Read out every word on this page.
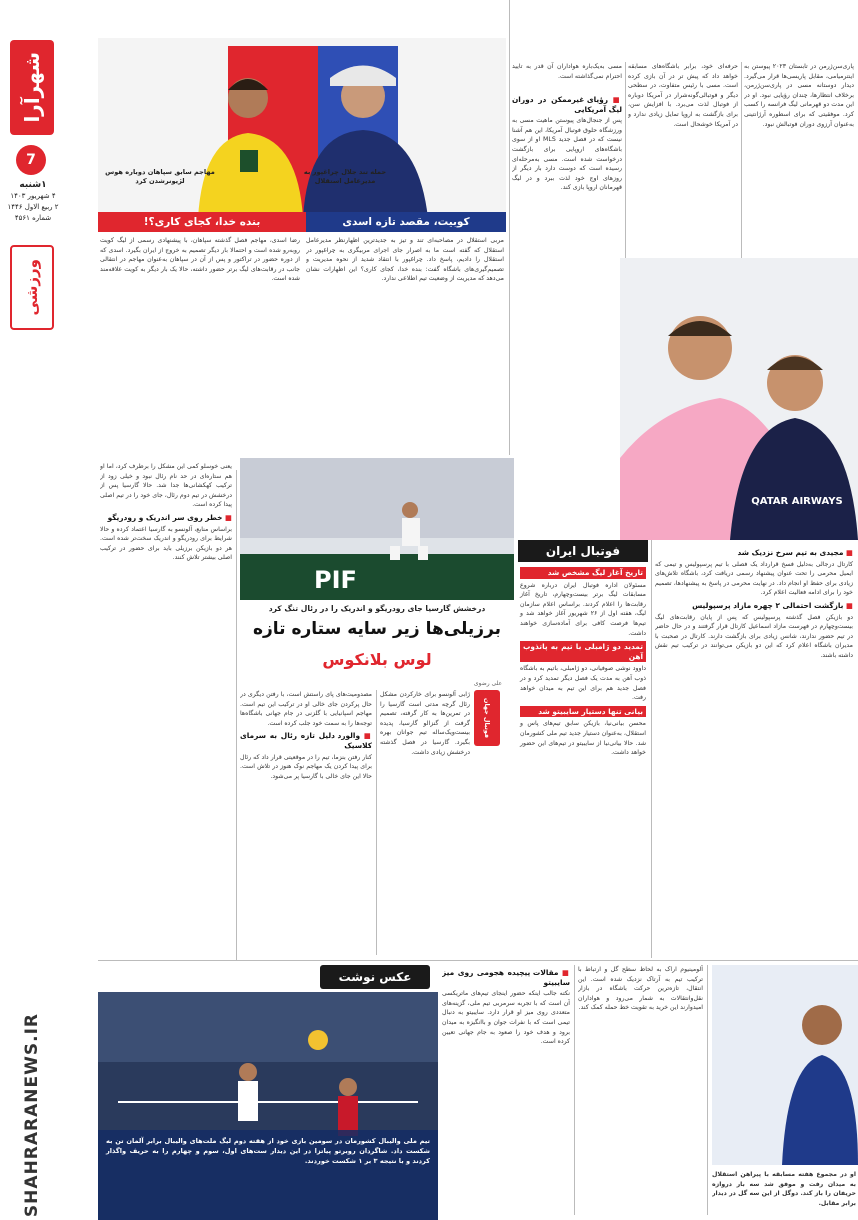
شهرآرا
7
۱شنبه
۴ شهریور ۱۴۰۳
۲ ربیع الاول ۱۴۴۶
شماره ۴۵۶۱
ورزشی
SHAHRARANEWS.IR
مهاجم سابق سپاهان دوباره هوس لژیونرشدن کرد
حمله تند جلال چراغپور به مدیرعامل استقلال
کوبیت، مقصد تازه اسدی
بنده خدا، کجای کاری؟!

رضا اسدی، مهاجم فصل گذشته سپاهان، با پیشنهادی رسمی از لیگ کویت روبه‌رو شده است و احتمالا بار دیگر تصمیم به خروج از ایران بگیرد. اسدی که از دوره حضور در تراکتور و پس از آن در سپاهان به‌عنوان مهاجم در انتقالی جانب در رقابت‌های لیگ برتر حضور داشته، حالا یک بار دیگر به کویت علاقه‌مند شده است.

مربی استقلال در مصاحبه‌ای تند و تیز به جدیدترین اظهارنظر مدیرعامل استقلال که گفته است ما به اصرار جای اجرای مربیگری به چراغپور در استقلال را دادیم، پاسخ داد. چراغپور با انتقاد شدید از نحوه مدیریت و تصمیم‌گیری‌های باشگاه گفت: بنده خدا، کجای کاری؟ این اظهارات نشان می‌دهد که مدیریت از وضعیت تیم اطلاعی ندارد.

مسی به‌یک‌باره هواداران آن قدر به تایید احترام نمی‌گذاشته است.

■ رؤیای غیرممکن در دوران لیگ آمریکایی

پس از جنجال‌های پیوستن ماهیت مسی به ورزشگاه حلوق فوتبال آمریکا، این هم آشنا نیست که در فصل جدید MLS او از سوی باشگاه‌های اروپایی برای بازگشت درخواست شده است. مسی به‌مرحله‌ای رسیده است که دوست دارد بار دیگر از روزهای اوج خود لذت ببرد و در لیگ قهرمانان اروپا بازی کند.

حرفه‌ای خود، برابر باشگاه‌های مسابقه خواهد داد که پیش تر در آن بازی کرده است. مسی با رئیس متفاوت، در سطحی دیگر و فوتبالی‌گونه‌شرار در آمریکا دوباره از فوتبال لذت می‌برد. با افزایش سن، برای بازگشت به اروپا تمایل زیادی ندارد و در آمریکا خوشحال است.

پاری‌سن‌ژرمن در تابستان ۲۰۲۳ پیوستن به اینترمیامی، مقابل پاریسی‌ها قرار می‌گیرد. دیدار دوستانه مسی در پاری‌سن‌ژرمن، برخلاف انتظارها، چندان رؤیایی نبود. او در این مدت دو قهرمانی لیگ فرانسه را کسب کرد. موفقیتی که برای اسطوره آرژانتینی به‌عنوان آرزوی دوران فوتبالش نبود.

QATAR AIRWAYS
PIF
فوتبال ایران
تاریخ آغاز لیگ مشخص شد

مسئولان اداره فوتبال ایران درباره شروع مسابقات لیگ برتر بیست‌وچهارم، تاریخ آغاز رقابت‌ها را اعلام کردند. براساس اعلام سازمان لیگ، هفته اول از ۲۶ شهریور آغاز خواهد شد و تیم‌ها فرصت کافی برای آماده‌سازی خواهند داشت.

تمدید دو ژامبلی با تیم به پاتذوب آهن

داوود نوشی صوفیانی، دو ژامبلی، باتیم به باشگاه ذوب آهن به مدت یک فصل دیگر تمدید کرد و در فصل جدید هم برای این تیم به میدان خواهد رفت.

بیانی تنها دستیار سایبیتو شد

محسن بیانی‌نیا، بازیکن سابق تیم‌های پاس و استقلال، به‌عنوان دستیار جدید تیم ملی کشورمان شد. حالا بیانی‌نیا از سایبیتو در تیم‌های این حضور خواهد داشت.

■ مجیدی به تیم سرخ نزدیک شد

کارتال درجالی به‌دلیل فسخ قرارداد یک فصلی با تیم پرسپولیس و تیمی که ایمیل محرمی را تحت عنوان پیشنهاد رسمی دریافت کرد، باشگاه تلاش‌های زیادی برای حفظ او انجام داد. در نهایت محرمی در پاسخ به پیشنهادها، تصمیم خود را برای ادامه فعالیت اعلام کرد.

■ بازگشت احتمالی ۲ چهره مازاد پرسپولیس

دو بازیکن فصل گذشته پرسپولیس که پس از پایان رقابت‌های لیگ بیست‌وچهارم در فهرست مازاد اسماعیل کارتال قرار گرفتند و در حال حاضر در تیم حضور ندارند، شانس زیادی برای بازگشت دارند. کارتال در صحبت با مدیران باشگاه اعلام کرد که این دو بازیکن می‌توانند در ترکیب تیم نقش داشته باشند.

درخشش گارسیا جای رودریگو و اندریک را در رئال تنگ کرد
برزیلی‌ها زیر سایه ستاره تازه
لوس بلانکوس
فوتبال جهان
علی رضوی

ژابی آلونسو برای خارکردن مشکل رئال گرچه مدتی است گارسیا را در تمرین‌ها به کار گرفته، تصمیم گرفت از گنزالو گارسیا، پدیده بیست‌ویک‌ساله تیم جوانان بهره بگیرد. گارسیا در فصل گذشته درخشش زیادی داشت.

مصدومیت‌های پای راستش است، با رفتن دیگری در حال پرکردن جای خالی او در ترکیب این تیم است. مهاجم اسپانیایی با گلزنی در جام جهانی باشگاه‌ها توجه‌ها را به سمت خود جلب کرده است.

■ والورد دلیل تازه رئال به سرمای کلاسیک

کنار رفتن بنزما، تیم را در موقعیتی قرار داد که رئال برای پیدا کردن یک مهاجم نوک هنوز در تلاش است. حالا این جای خالی با گارسیا پر می‌شود.

یعنی خوسلو کمی این مشکل را برطرف کرد، اما او هم ستاره‌ای در حد نام رئال نبود و خیلی زود از ترکیب کهکشانی‌ها جدا شد. حالا گارسیا پس از درخشش در تیم دوم رئال، جای خود را در تیم اصلی پیدا کرده است.

■ خطر روی سر اندریک و رودریگو

براساس منابع، آلونسو به گارسیا اعتماد کرده و حالا شرایط برای رودریگو و اندریک سخت‌تر شده است. هر دو بازیکن برزیلی باید برای حضور در ترکیب اصلی بیشتر تلاش کنند.

عکس نوشت
تیم ملی والیبال کشورمان در سومین بازی خود از هفته دوم لیگ ملت‌های والیبال برابر آلمان تن به شکست داد. شاگردان روبرتو پیاتزا در این دیدار ست‌های اول، سوم و چهارم را به حریف واگذار کردند و با نتیجه ۳ بر ۱ شکست خوردند.
■ مقالات پیچیده هجومی روی میز سایبیتو

نکته جالب اینکه حضور اینجای تیم‌های ماتریکسی آن است که با تجربه سرمربی تیم ملی، گزینه‌های متعددی روی میز او قرار دارد. سایبیتو به دنبال تیمی است که با نفرات جوان و باانگیزه به میدان برود و هدف خود را صعود به جام جهانی تعیین کرده است.

آلومینیوم اراک به لحاظ سطح گل و ارتباط با ترکیب تیم به آرتاک نزدیک شده است. این انتقال، تازه‌ترین حرکت باشگاه در بازار نقل‌وانتقالات به شمار می‌رود و هواداران امیدوارند این خرید به تقویت خط حمله کمک کند.

او در مجموع هفته مسابقه با پیراهن استقلال به میدان رفت و موفق شد سه بار دروازه حریفان را باز کند. دوگل از این سه گل در دیدار برابر مقابل.
